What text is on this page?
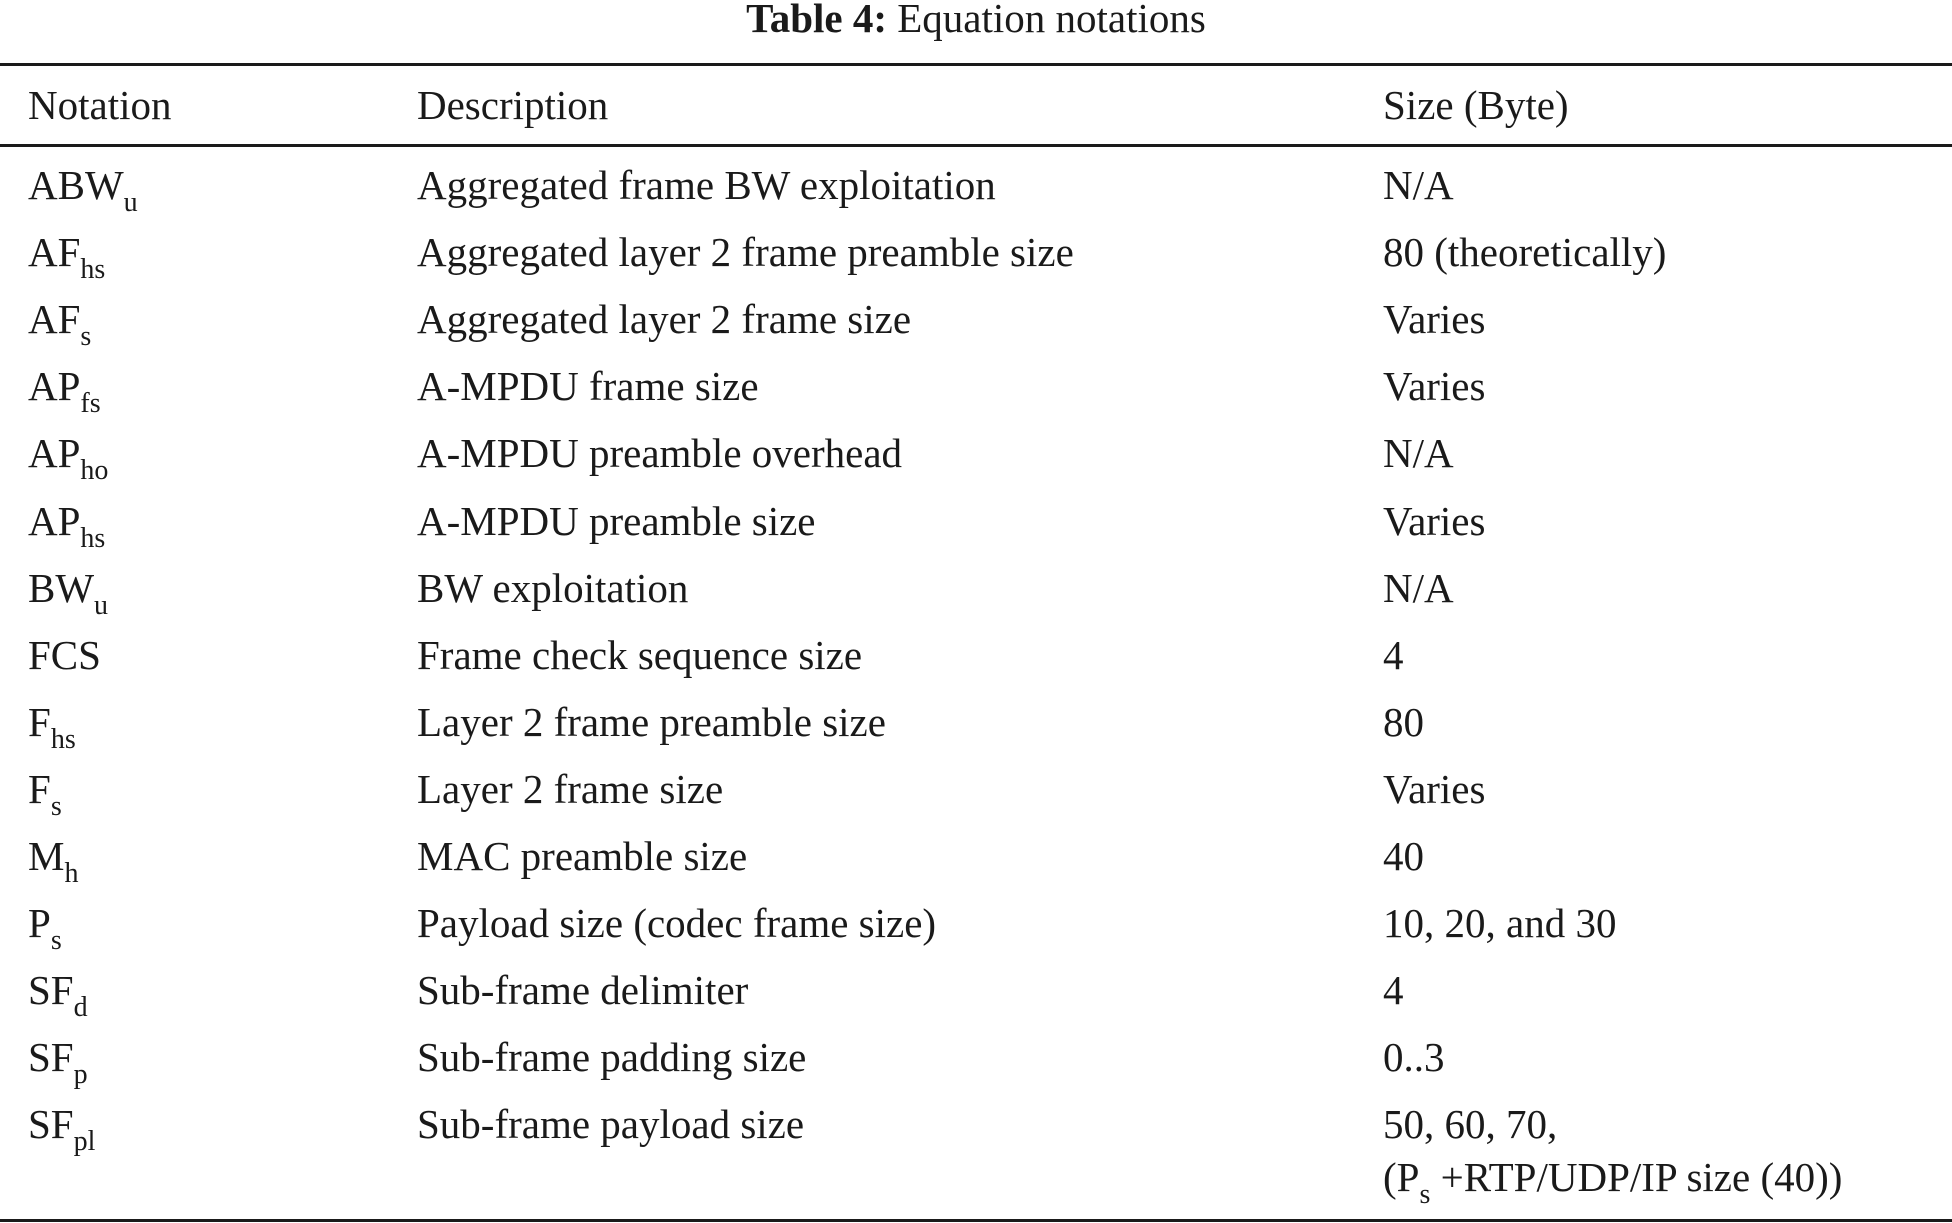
Table 4: Equation notations
Notation	Description	Size (Byte)
$ABW_u$	Aggregated frame BW exploitation	N/A
$AF_{hs}$	Aggregated layer 2 frame preamble size	80 (theoretically)
$AF_s$	Aggregated layer 2 frame size	Varies
$AP_{fs}$	A-MPDU frame size	Varies
$AP_{ho}$	A-MPDU preamble overhead	N/A
$AP_{hs}$	A-MPDU preamble size	Varies
$BW_u$	BW exploitation	N/A
FCS	Frame check sequence size	4
$F_{hs}$	Layer 2 frame preamble size	80
$F_s$	Layer 2 frame size	Varies
$M_h$	MAC preamble size	40
$P_s$	Payload size (codec frame size)	10, 20, and 30
$SF_d$	Sub-frame delimiter	4
$SF_p$	Sub-frame padding size	0..3
$SF_{pl}$	Sub-frame payload size	50, 60, 70,
($P_s +RTP/UDP/IP$ size (40))
